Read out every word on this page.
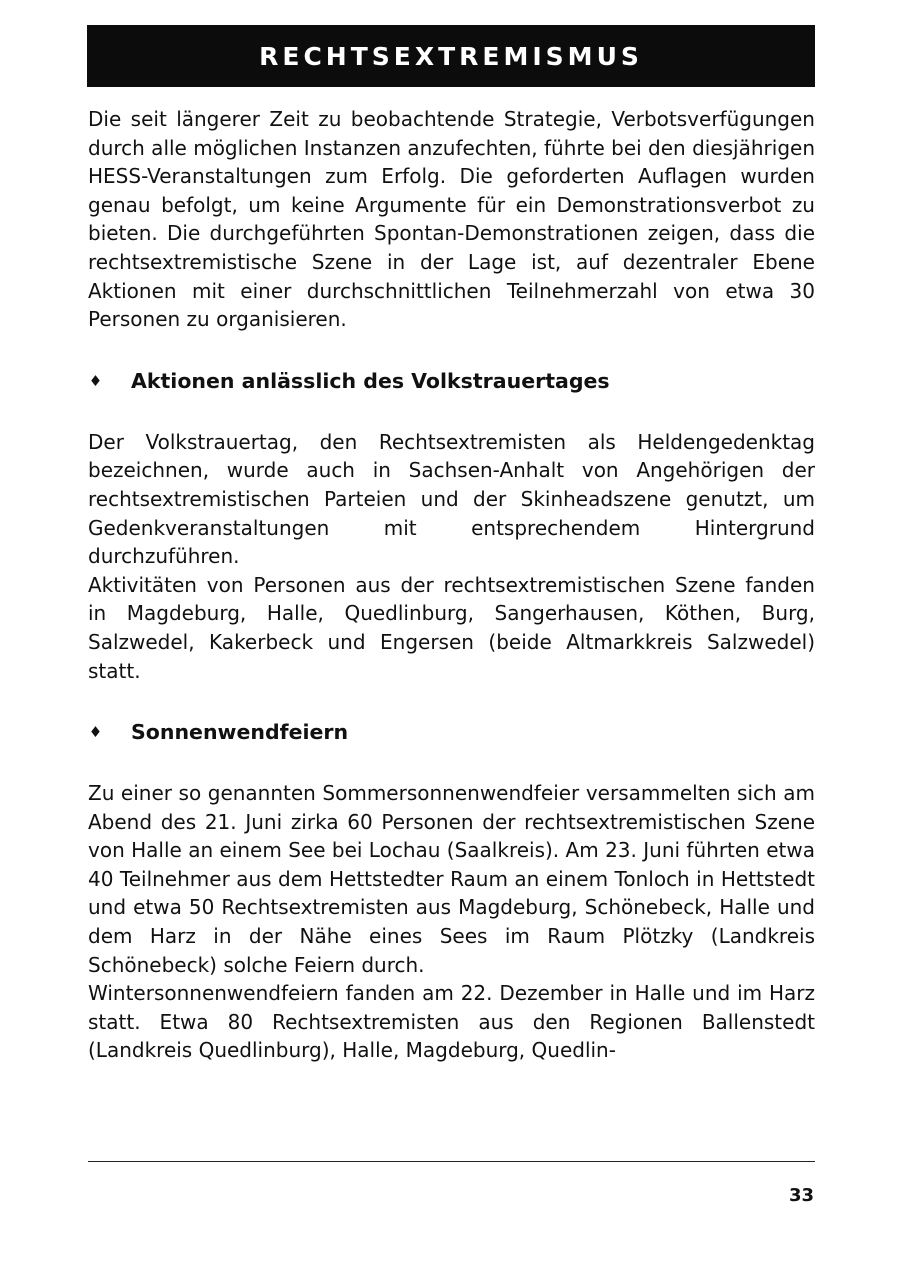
RECHTSEXTREMISMUS

Die seit längerer Zeit zu beobachtende Strategie, Verbotsverfügungen durch alle möglichen Instanzen anzufechten, führte bei den diesjährigen HESS-Veranstaltungen zum Erfolg. Die geforderten Auflagen wurden genau befolgt, um keine Argumente für ein Demonstrationsverbot zu bieten. Die durchgeführten Spontan-Demonstrationen zeigen, dass die rechtsextremistische Szene in der Lage ist, auf dezentraler Ebene Aktionen mit einer durchschnittlichen Teilnehmerzahl von etwa 30 Personen zu organisieren.

♦ Aktionen anlässlich des Volkstrauertages

Der Volkstrauertag, den Rechtsextremisten als Heldengedenktag bezeichnen, wurde auch in Sachsen-Anhalt von Angehörigen der rechtsextremistischen Parteien und der Skinheadszene genutzt, um Gedenkveranstaltungen mit entsprechendem Hintergrund durchzuführen.

Aktivitäten von Personen aus der rechtsextremistischen Szene fanden in Magdeburg, Halle, Quedlinburg, Sangerhausen, Köthen, Burg, Salzwedel, Kakerbeck und Engersen (beide Altmarkkreis Salzwedel) statt.

♦ Sonnenwendfeiern

Zu einer so genannten Sommersonnenwendfeier versammelten sich am Abend des 21. Juni zirka 60 Personen der rechtsextremistischen Szene von Halle an einem See bei Lochau (Saalkreis). Am 23. Juni führten etwa 40 Teilnehmer aus dem Hettstedter Raum an einem Tonloch in Hettstedt und etwa 50 Rechtsextremisten aus Magdeburg, Schönebeck, Halle und dem Harz in der Nähe eines Sees im Raum Plötzky (Landkreis Schönebeck) solche Feiern durch.

Wintersonnenwendfeiern fanden am 22. Dezember in Halle und im Harz statt. Etwa 80 Rechtsextremisten aus den Regionen Ballenstedt (Landkreis Quedlinburg), Halle, Magdeburg, Quedlin-

33
